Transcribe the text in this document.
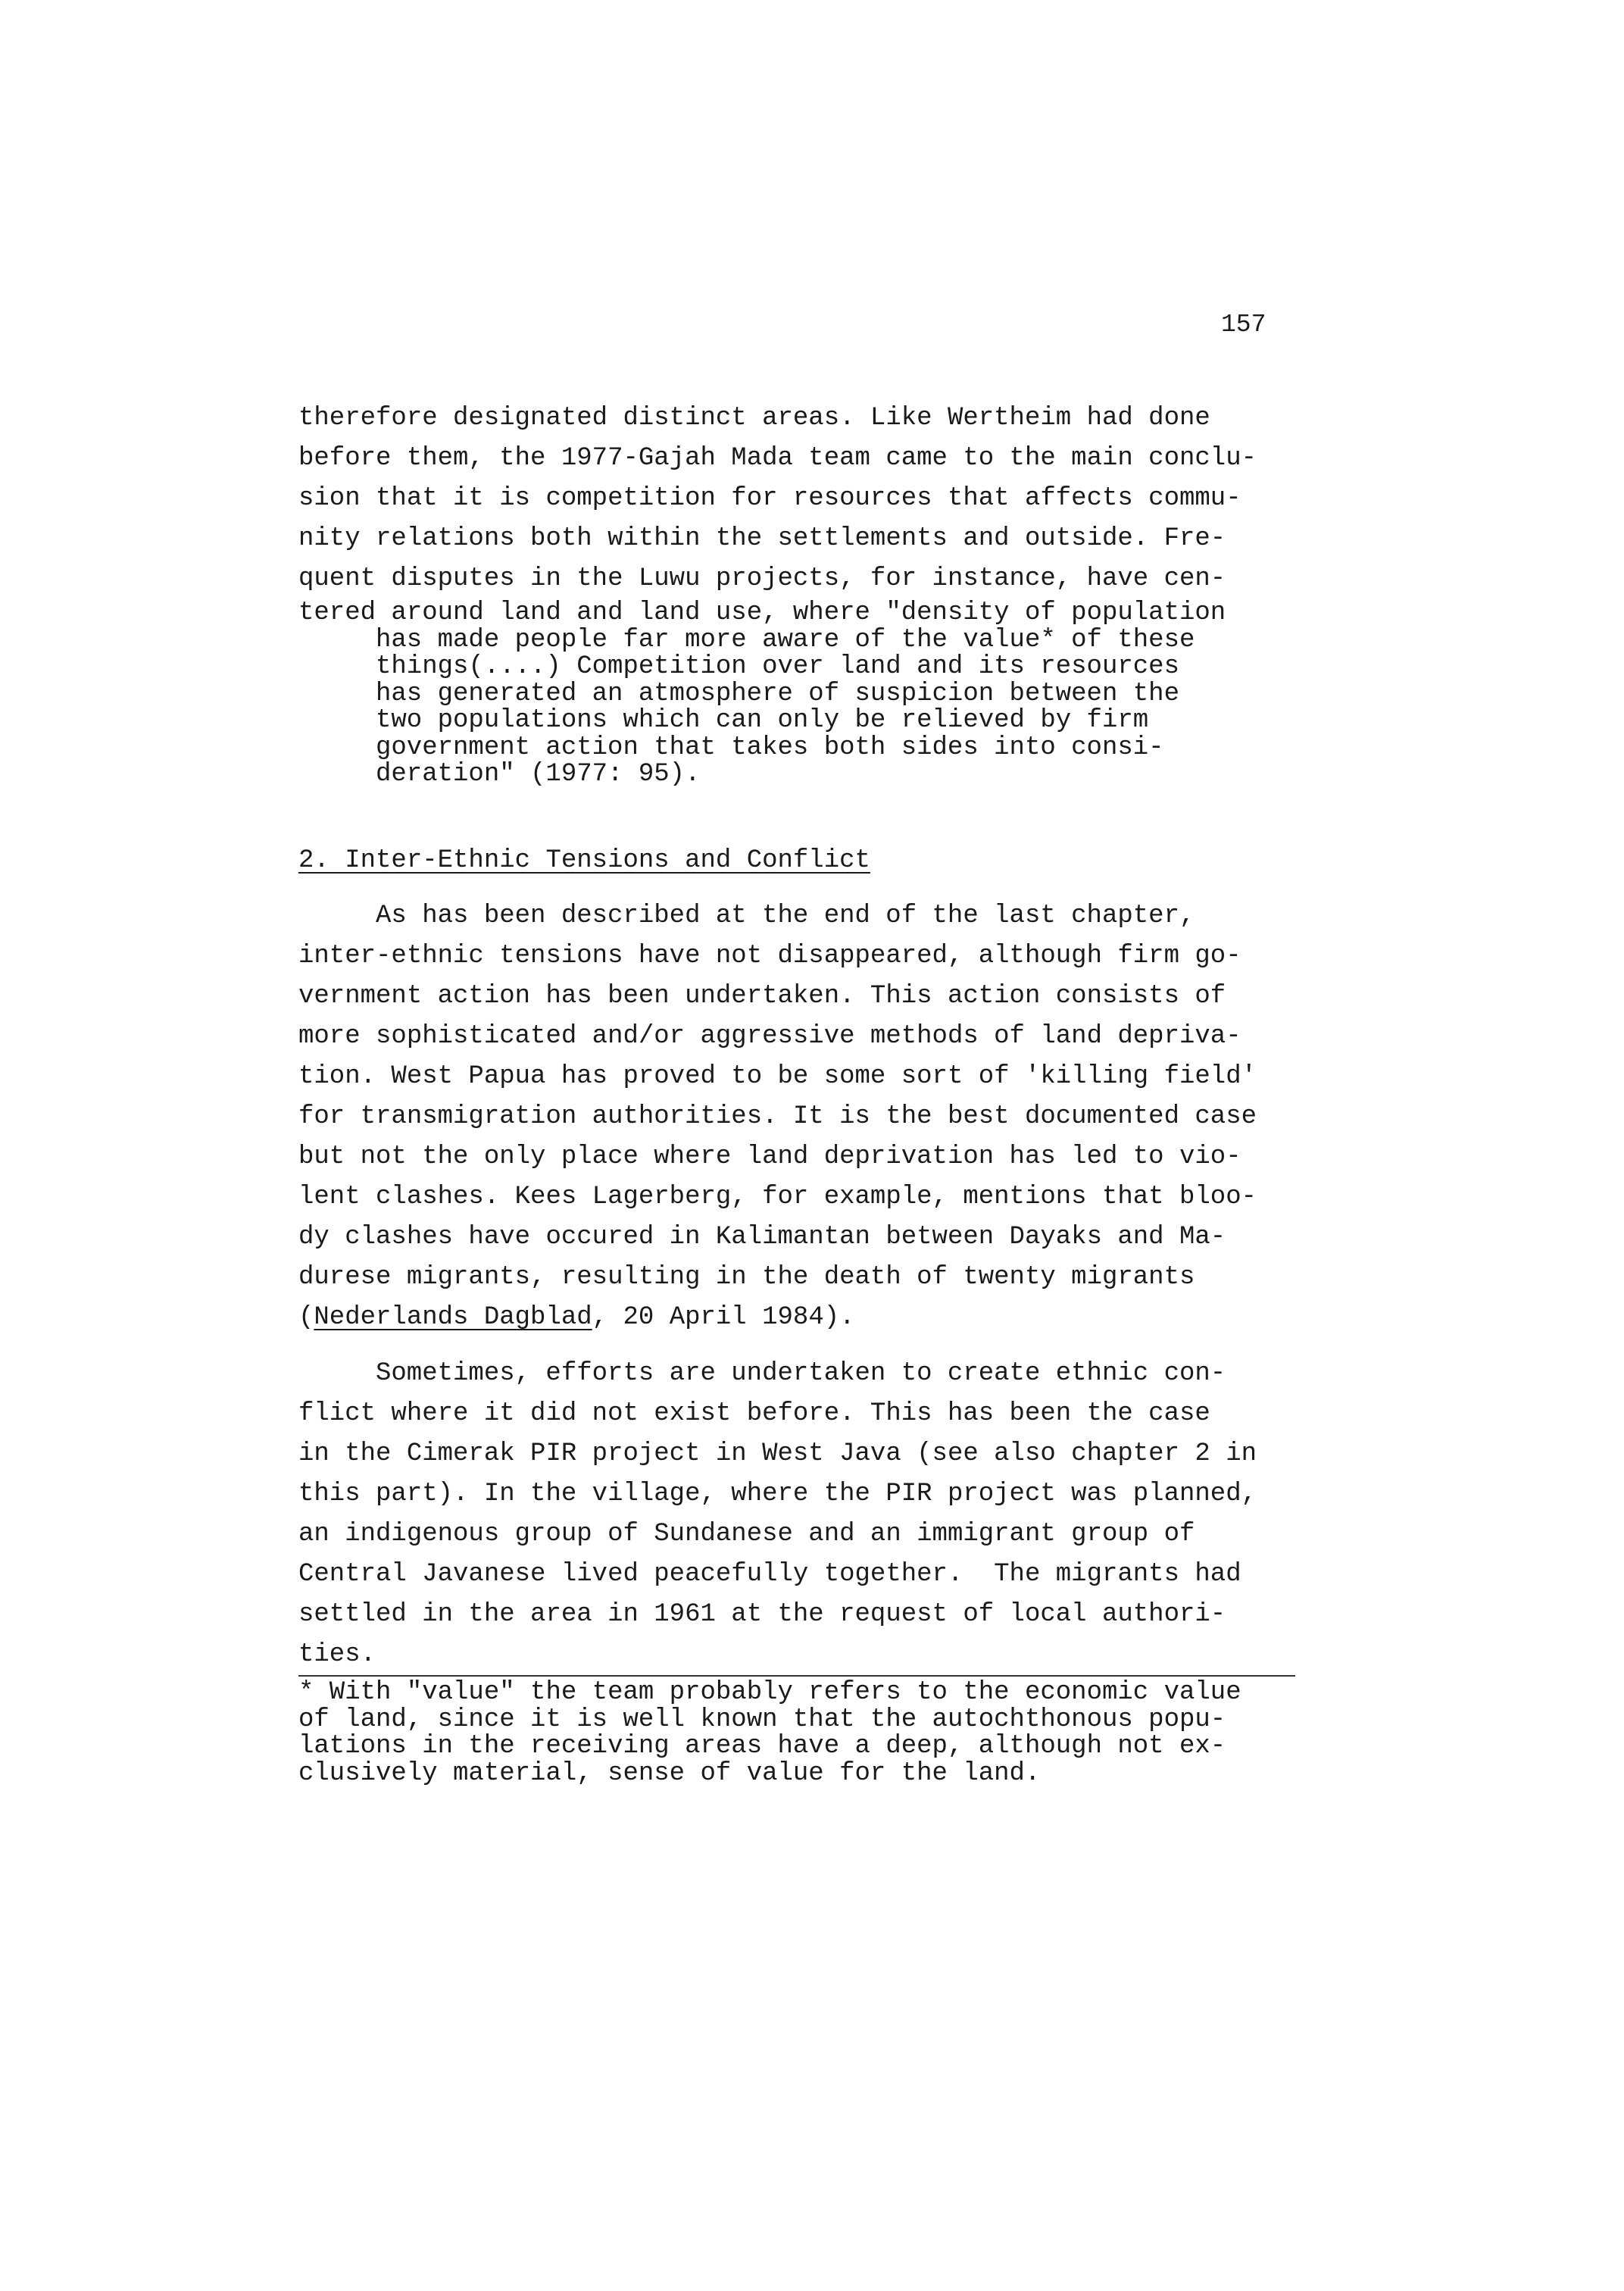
157
therefore designated distinct areas. Like Wertheim had done
before them, the 1977-Gajah Mada team came to the main conclu-
sion that it is competition for resources that affects commu-
nity relations both within the settlements and outside. Fre-
quent disputes in the Luwu projects, for instance, have cen-
tered around land and land use, where "density of population
has made people far more aware of the value* of these
things(....) Competition over land and its resources
has generated an atmosphere of suspicion between the
two populations which can only be relieved by firm
government action that takes both sides into consi-
deration" (1977: 95).
2. Inter-Ethnic Tensions and Conflict
As has been described at the end of the last chapter,
inter-ethnic tensions have not disappeared, although firm go-
vernment action has been undertaken. This action consists of
more sophisticated and/or aggressive methods of land depriva-
tion. West Papua has proved to be some sort of 'killing field'
for transmigration authorities. It is the best documented case
but not the only place where land deprivation has led to vio-
lent clashes. Kees Lagerberg, for example, mentions that bloo-
dy clashes have occured in Kalimantan between Dayaks and Ma-
durese migrants, resulting in the death of twenty migrants
(Nederlands Dagblad, 20 April 1984).
Sometimes, efforts are undertaken to create ethnic con-
flict where it did not exist before. This has been the case
in the Cimerak PIR project in West Java (see also chapter 2 in
this part). In the village, where the PIR project was planned,
an indigenous group of Sundanese and an immigrant group of
Central Javanese lived peacefully together.  The migrants had
settled in the area in 1961 at the request of local authori-
ties.
* With "value" the team probably refers to the economic value
of land, since it is well known that the autochthonous popu-
lations in the receiving areas have a deep, although not ex-
clusively material, sense of value for the land.
